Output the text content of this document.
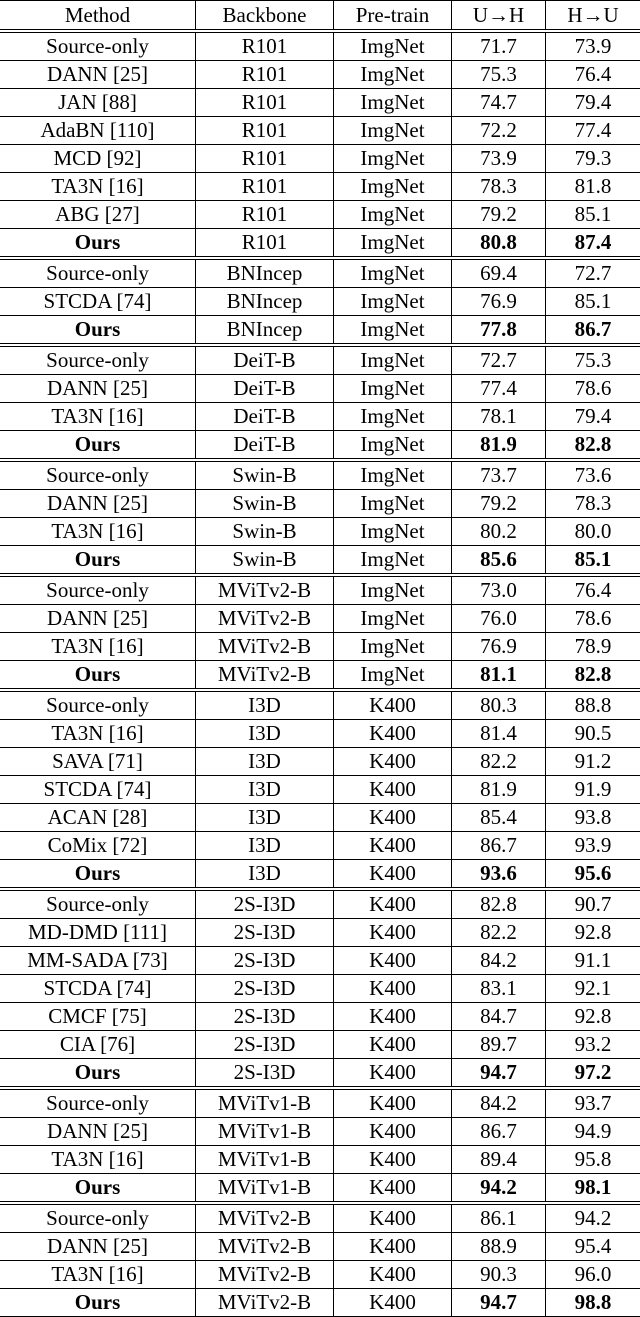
Method	Backbone	Pre-train	U→H	H→U
Source-only	R101	ImgNet	71.7	73.9
DANN [25]	R101	ImgNet	75.3	76.4
JAN [88]	R101	ImgNet	74.7	79.4
AdaBN [110]	R101	ImgNet	72.2	77.4
MCD [92]	R101	ImgNet	73.9	79.3
TA3N [16]	R101	ImgNet	78.3	81.8
ABG [27]	R101	ImgNet	79.2	85.1
Ours	R101	ImgNet	80.8	87.4
Source-only	BNIncep	ImgNet	69.4	72.7
STCDA [74]	BNIncep	ImgNet	76.9	85.1
Ours	BNIncep	ImgNet	77.8	86.7
Source-only	DeiT-B	ImgNet	72.7	75.3
DANN [25]	DeiT-B	ImgNet	77.4	78.6
TA3N [16]	DeiT-B	ImgNet	78.1	79.4
Ours	DeiT-B	ImgNet	81.9	82.8
Source-only	Swin-B	ImgNet	73.7	73.6
DANN [25]	Swin-B	ImgNet	79.2	78.3
TA3N [16]	Swin-B	ImgNet	80.2	80.0
Ours	Swin-B	ImgNet	85.6	85.1
Source-only	MViTv2-B	ImgNet	73.0	76.4
DANN [25]	MViTv2-B	ImgNet	76.0	78.6
TA3N [16]	MViTv2-B	ImgNet	76.9	78.9
Ours	MViTv2-B	ImgNet	81.1	82.8
Source-only	I3D	K400	80.3	88.8
TA3N [16]	I3D	K400	81.4	90.5
SAVA [71]	I3D	K400	82.2	91.2
STCDA [74]	I3D	K400	81.9	91.9
ACAN [28]	I3D	K400	85.4	93.8
CoMix [72]	I3D	K400	86.7	93.9
Ours	I3D	K400	93.6	95.6
Source-only	2S-I3D	K400	82.8	90.7
MD-DMD [111]	2S-I3D	K400	82.2	92.8
MM-SADA [73]	2S-I3D	K400	84.2	91.1
STCDA [74]	2S-I3D	K400	83.1	92.1
CMCF [75]	2S-I3D	K400	84.7	92.8
CIA [76]	2S-I3D	K400	89.7	93.2
Ours	2S-I3D	K400	94.7	97.2
Source-only	MViTv1-B	K400	84.2	93.7
DANN [25]	MViTv1-B	K400	86.7	94.9
TA3N [16]	MViTv1-B	K400	89.4	95.8
Ours	MViTv1-B	K400	94.2	98.1
Source-only	MViTv2-B	K400	86.1	94.2
DANN [25]	MViTv2-B	K400	88.9	95.4
TA3N [16]	MViTv2-B	K400	90.3	96.0
Ours	MViTv2-B	K400	94.7	98.8
